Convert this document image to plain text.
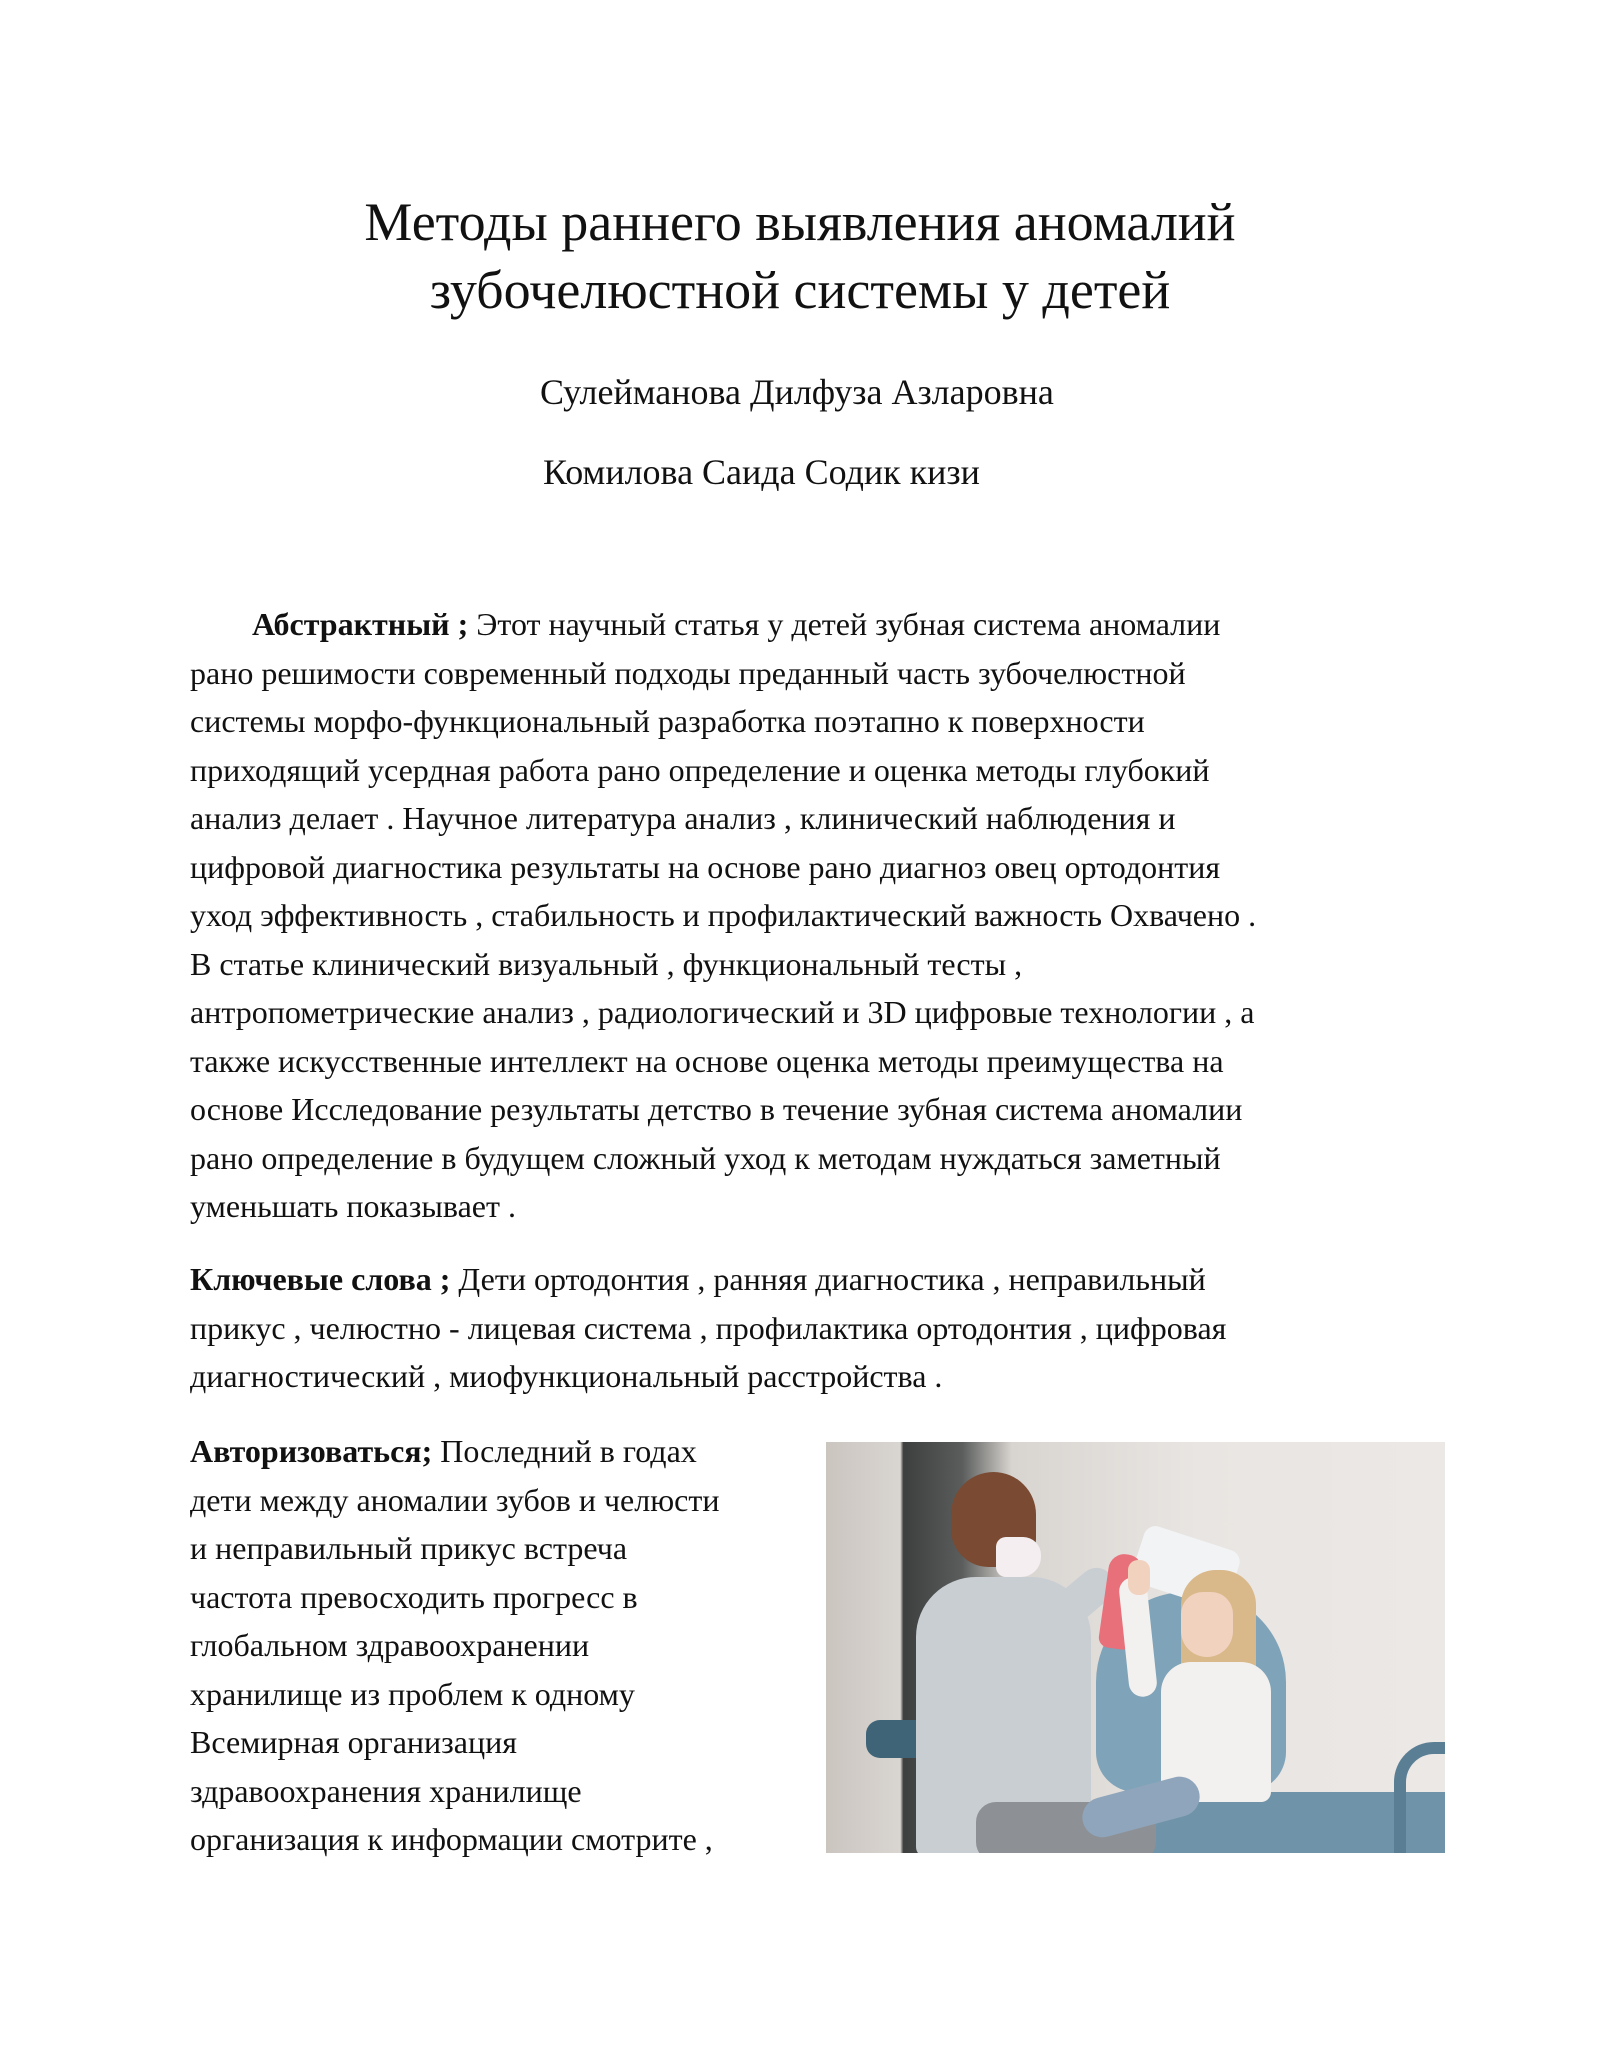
Методы раннего выявления аномалий
зубочелюстной системы у детей
Сулейманова Дилфуза Азларовна
Комилова Саида Содик кизи

Абстрактный ; Этот научный статья у детей зубная система аномалии
рано решимости современный подходы преданный часть зубочелюстной
системы морфо-функциональный разработка поэтапно к поверхности
приходящий усердная работа рано определение и оценка методы глубокий
анализ делает . Научное литература анализ , клинический наблюдения и
цифровой диагностика результаты на основе рано диагноз овец ортодонтия
уход эффективность , стабильность и профилактический важность Охвачено .
В статье клинический визуальный , функциональный тесты ,
антропометрические анализ , радиологический и 3D цифровые технологии , а
также искусственные интеллект на основе оценка методы преимущества на
основе Исследование результаты детство в течение зубная система аномалии
рано определение в будущем сложный уход к методам нуждаться заметный
уменьшать показывает .

Ключевые слова ; Дети ортодонтия , ранняя диагностика , неправильный
прикус , челюстно - лицевая система , профилактика ортодонтия , цифровая
диагностический , миофункциональный расстройства .

Авторизоваться; Последний в годах
дети между аномалии зубов и челюсти
и неправильный прикус встреча
частота превосходить прогресс в
глобальном здравоохранении
хранилище из проблем к одному
Всемирная организация
здравоохранения хранилище
организация к информации смотрите ,
